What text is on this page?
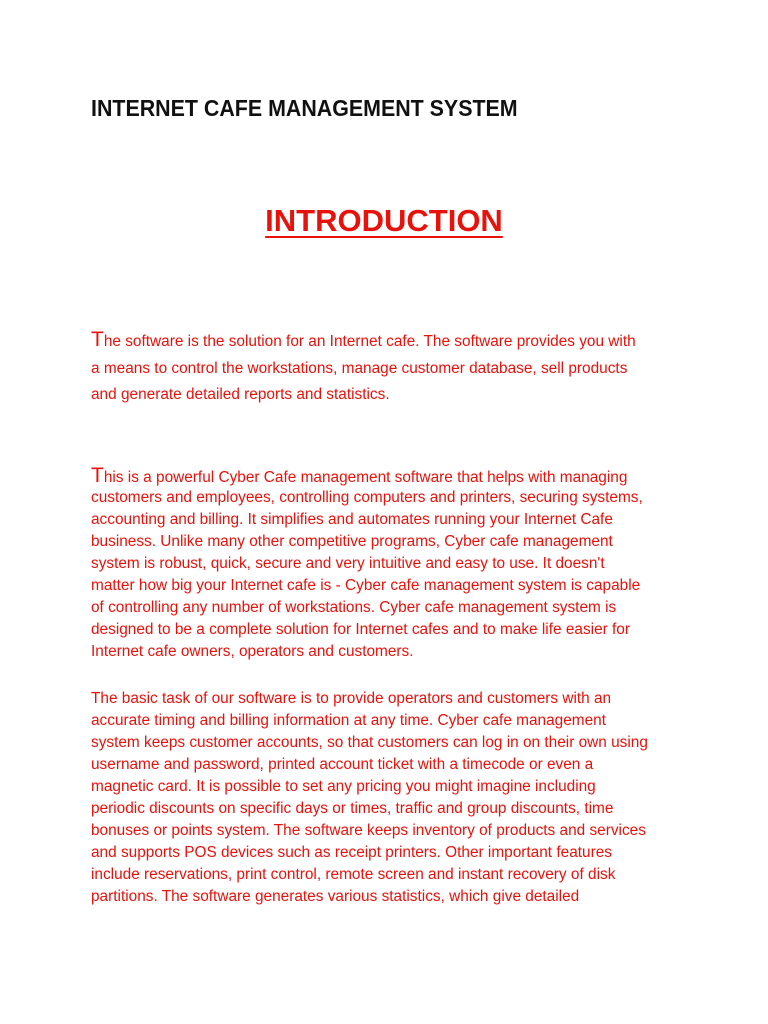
INTERNET CAFE MANAGEMENT SYSTEM
INTRODUCTION

The software is the solution for an Internet cafe. The software provides you with
a means to control the workstations, manage customer database, sell products
and generate detailed reports and statistics.

This is a powerful Cyber Cafe management software that helps with managing
customers and employees, controlling computers and printers, securing systems,
accounting and billing. It simplifies and automates running your Internet Cafe
business. Unlike many other competitive programs, Cyber cafe management
system is robust, quick, secure and very intuitive and easy to use. It doesn't
matter how big your Internet cafe is - Cyber cafe management system is capable
of controlling any number of workstations. Cyber cafe management system is
designed to be a complete solution for Internet cafes and to make life easier for
Internet cafe owners, operators and customers.

The basic task of our software is to provide operators and customers with an
accurate timing and billing information at any time. Cyber cafe management
system keeps customer accounts, so that customers can log in on their own using
username and password, printed account ticket with a timecode or even a
magnetic card. It is possible to set any pricing you might imagine including
periodic discounts on specific days or times, traffic and group discounts, time
bonuses or points system. The software keeps inventory of products and services
and supports POS devices such as receipt printers. Other important features
include reservations, print control, remote screen and instant recovery of disk
partitions. The software generates various statistics, which give detailed
